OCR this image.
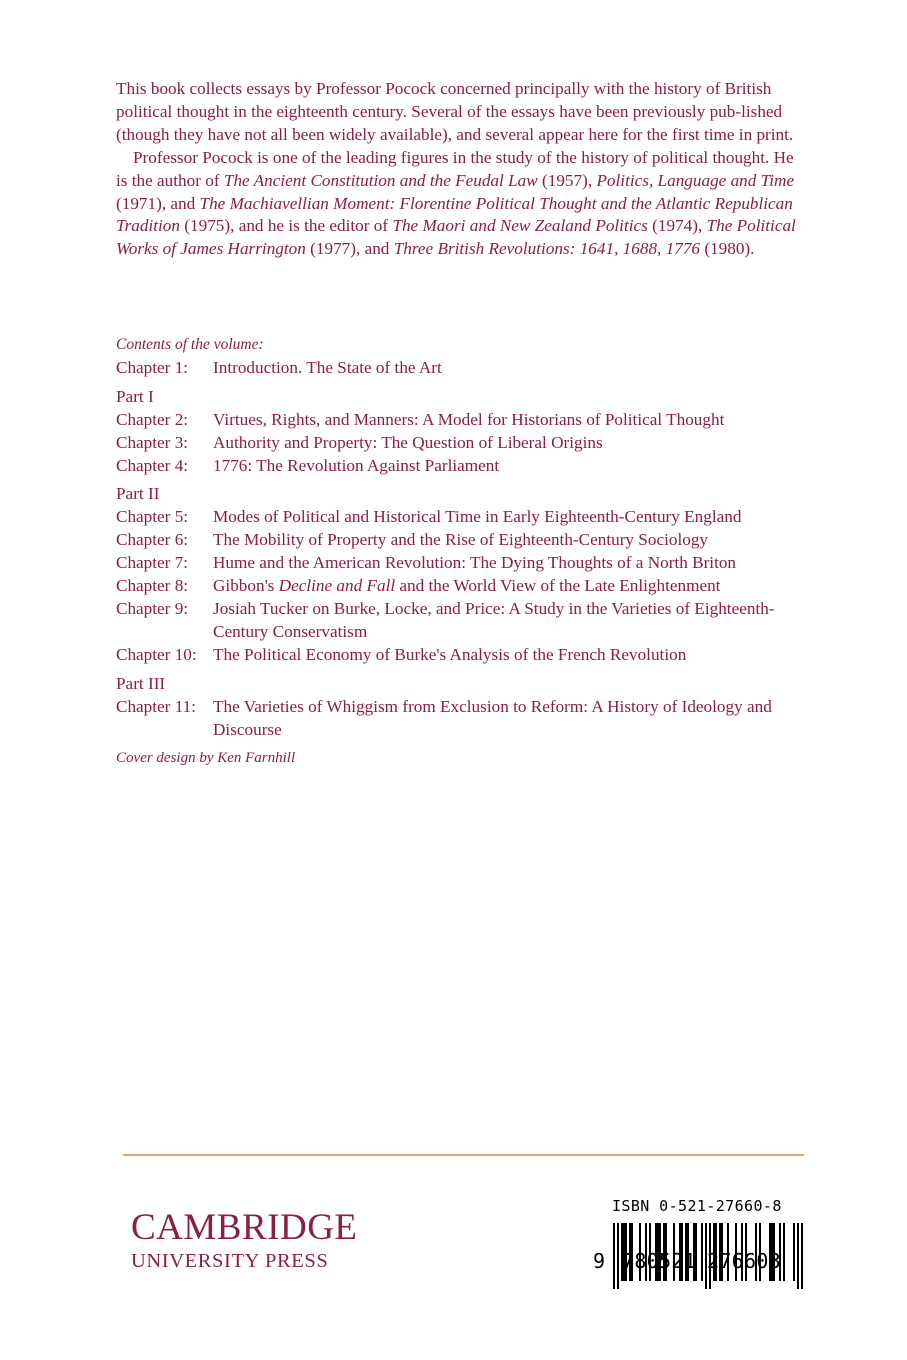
This book collects essays by Professor Pocock concerned principally with the history of British political thought in the eighteenth century. Several of the essays have been previously pub-lished (though they have not all been widely available), and several appear here for the first time in print.

Professor Pocock is one of the leading figures in the study of the history of political thought. He is the author of The Ancient Constitution and the Feudal Law (1957), Politics, Language and Time (1971), and The Machiavellian Moment: Florentine Political Thought and the Atlantic Republican Tradition (1975), and he is the editor of The Maori and New Zealand Politics (1974), The Political Works of James Harrington (1977), and Three British Revolutions: 1641, 1688, 1776 (1980).

Contents of the volume:

Chapter 1:	Introduction. The State of the Art
Part I
Chapter 2:	Virtues, Rights, and Manners: A Model for Historians of Political Thought
Chapter 3:	Authority and Property: The Question of Liberal Origins
Chapter 4:	1776: The Revolution Against Parliament
Part II
Chapter 5:	Modes of Political and Historical Time in Early Eighteenth-Century England
Chapter 6:	The Mobility of Property and the Rise of Eighteenth-Century Sociology
Chapter 7:	Hume and the American Revolution: The Dying Thoughts of a North Briton
Chapter 8:	Gibbon's Decline and Fall and the World View of the Late Enlightenment
Chapter 9:	Josiah Tucker on Burke, Locke, and Price: A Study in the Varieties of Eighteenth-Century Conservatism
Chapter 10: The Political Economy of Burke's Analysis of the French Revolution
Part III
Chapter 11: The Varieties of Whiggism from Exclusion to Reform: A History of Ideology and Discourse
Cover design by Ken Farnhill
CAMBRIDGE
UNIVERSITY PRESS
ISBN 0-521-27660-8
9 780521 276603
